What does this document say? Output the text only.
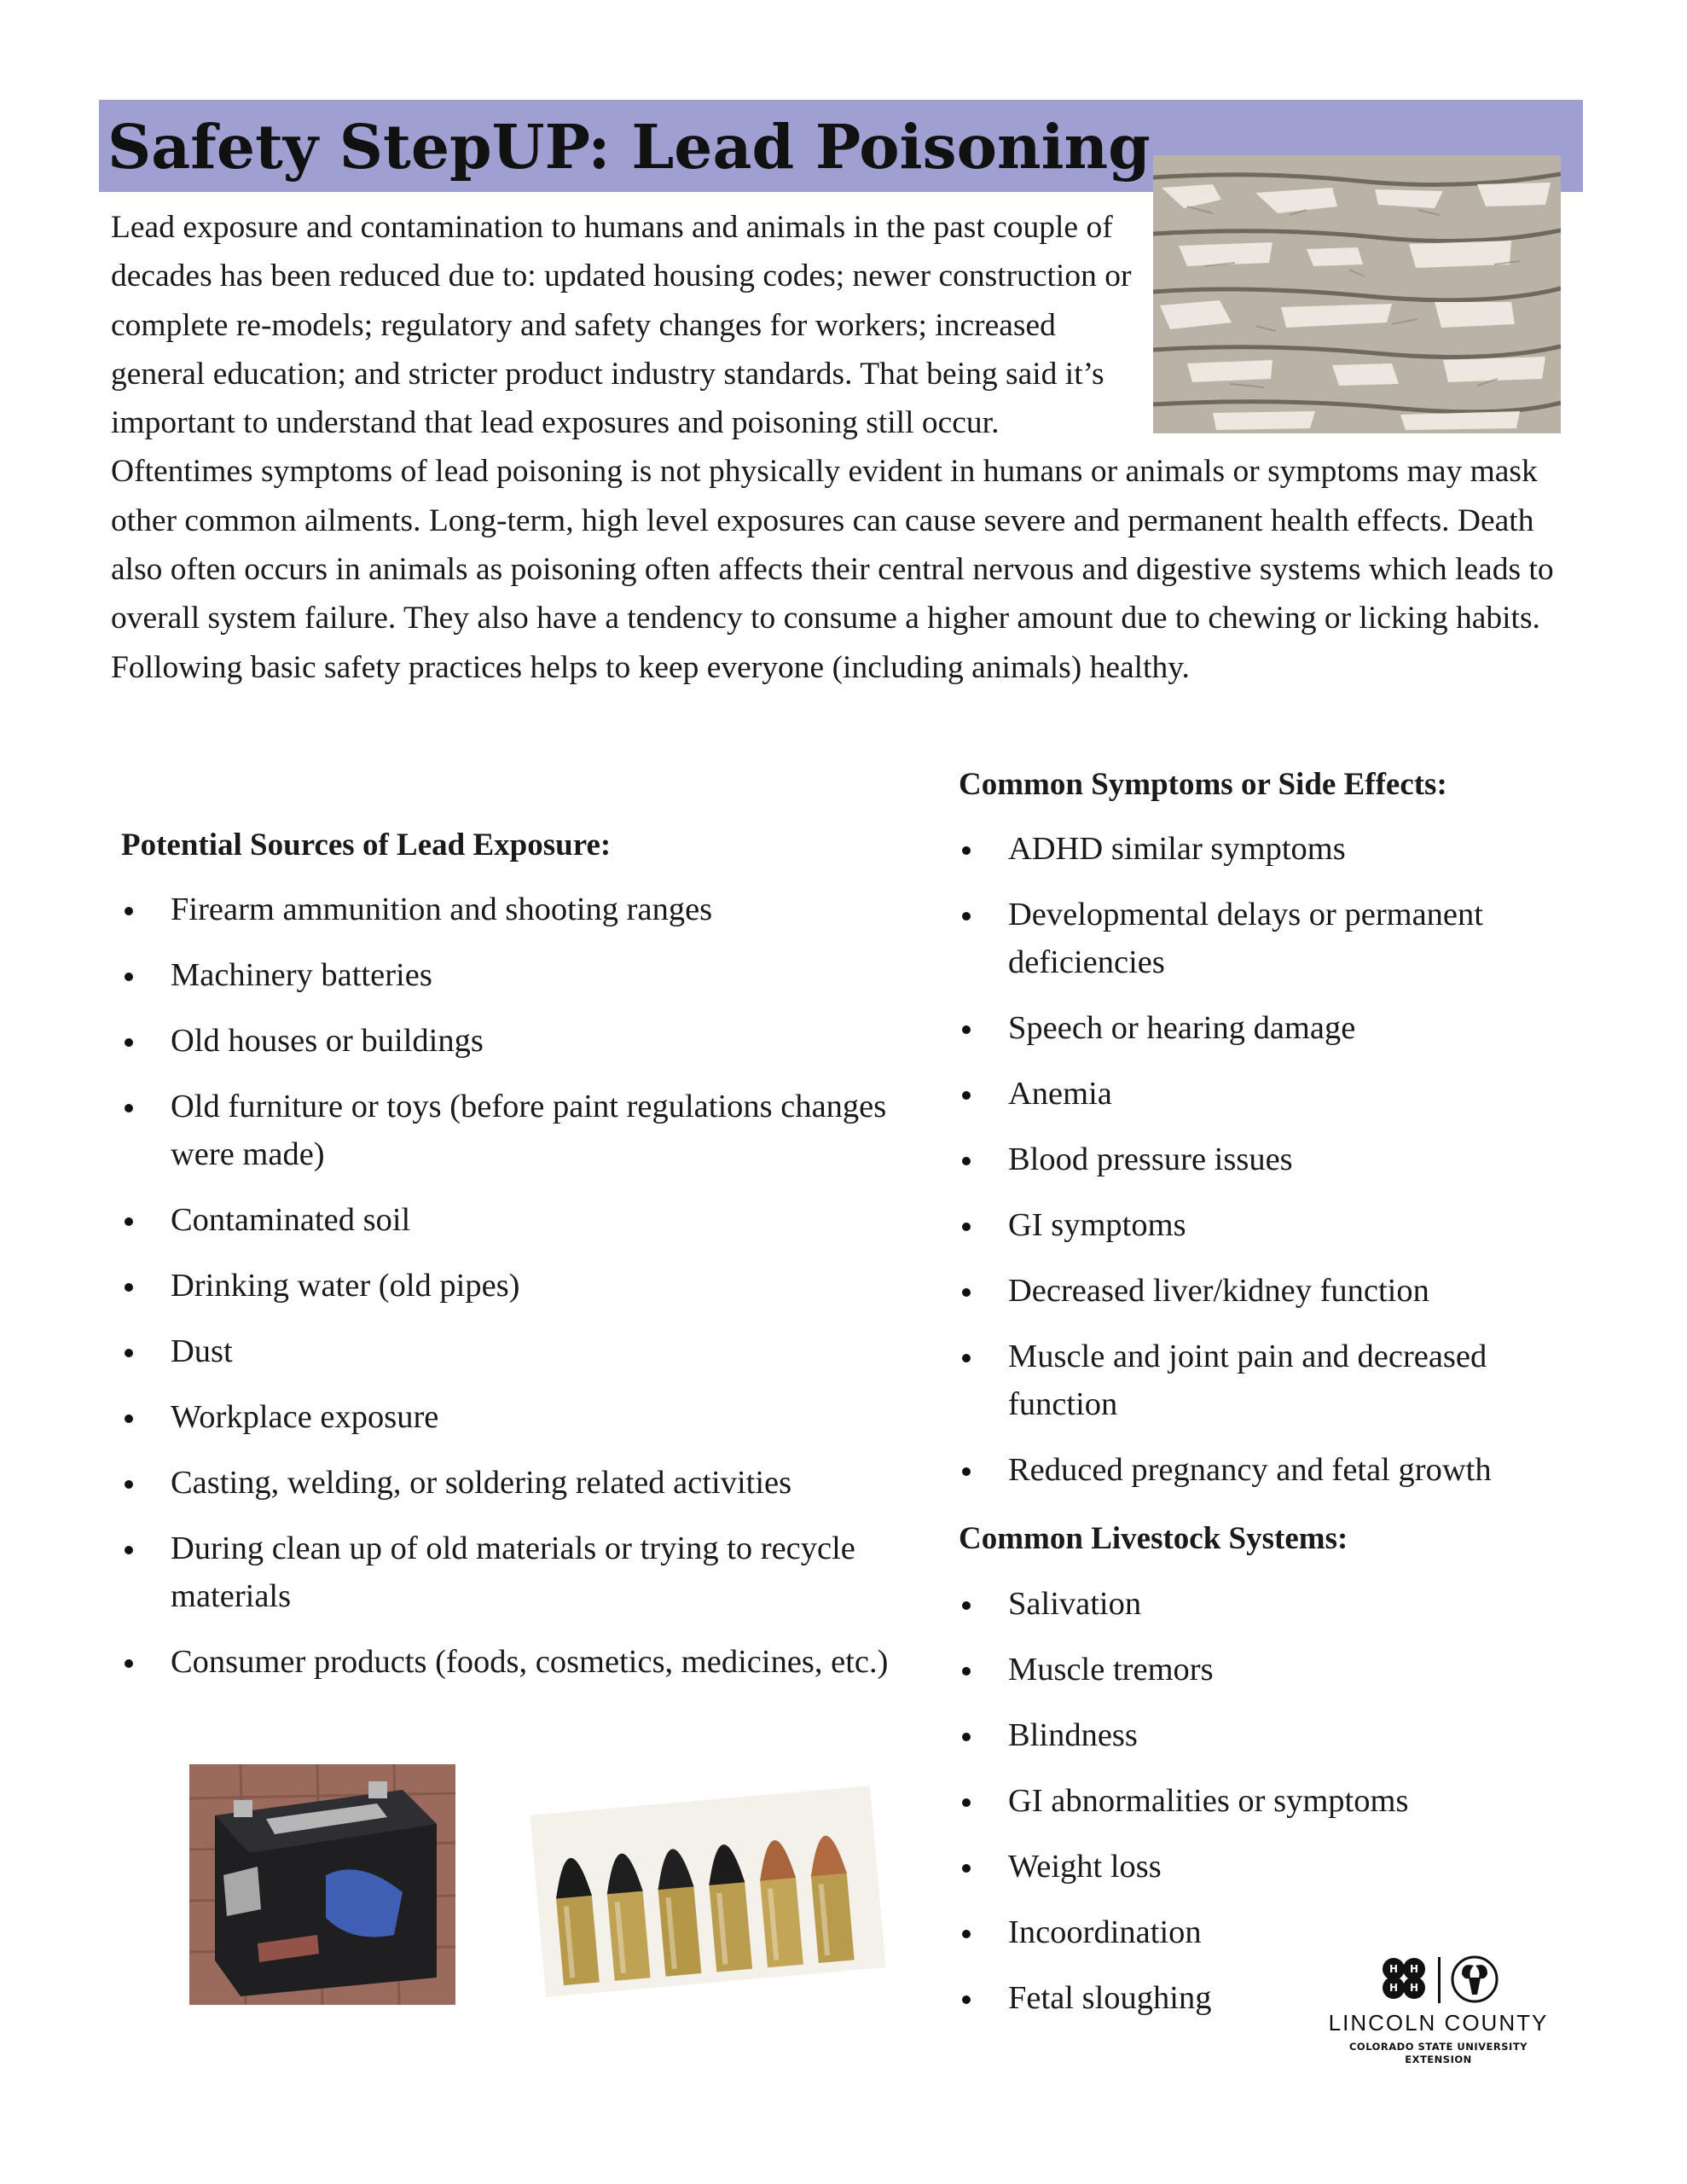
Safety StepUP: Lead Poisoning

Lead exposure and contamination to humans and animals in the past couple of decades has been reduced due to: updated housing codes; newer construction or complete re-models; regulatory and safety changes for workers; increased general education; and stricter product industry standards. That being said it’s important to understand that lead exposures and poisoning still occur. Oftentimes symptoms of lead poisoning is not physically evident in humans or animals or symptoms may mask other common ailments. Long-term, high level exposures can cause severe and permanent health effects. Death also often occurs in animals as poisoning often affects their central nervous and digestive systems which leads to overall system failure. They also have a tendency to consume a higher amount due to chewing or licking habits. Following basic safety practices helps to keep everyone (including animals) healthy.

Potential Sources of Lead Exposure:
Firearm ammunition and shooting ranges
Machinery batteries
Old houses or buildings
Old furniture or toys (before paint regulations changes were made)
Contaminated soil
Drinking water (old pipes)
Dust
Workplace exposure
Casting, welding, or soldering related activities
During clean up of old materials or trying to recycle materials
Consumer products (foods, cosmetics, medicines, etc.)
Common Symptoms or Side Effects:
ADHD similar symptoms
Developmental delays or permanent deficiencies
Speech or hearing damage
Anemia
Blood pressure issues
GI symptoms
Decreased liver/kidney function
Muscle and joint pain and decreased function
Reduced pregnancy and fetal growth
Common Livestock Systems:
Salivation
Muscle tremors
Blindness
GI abnormalities or symptoms
Weight loss
Incoordination
Fetal sloughing
H H
H H
LINCOLN COUNTY
COLORADO STATE UNIVERSITY
EXTENSION
